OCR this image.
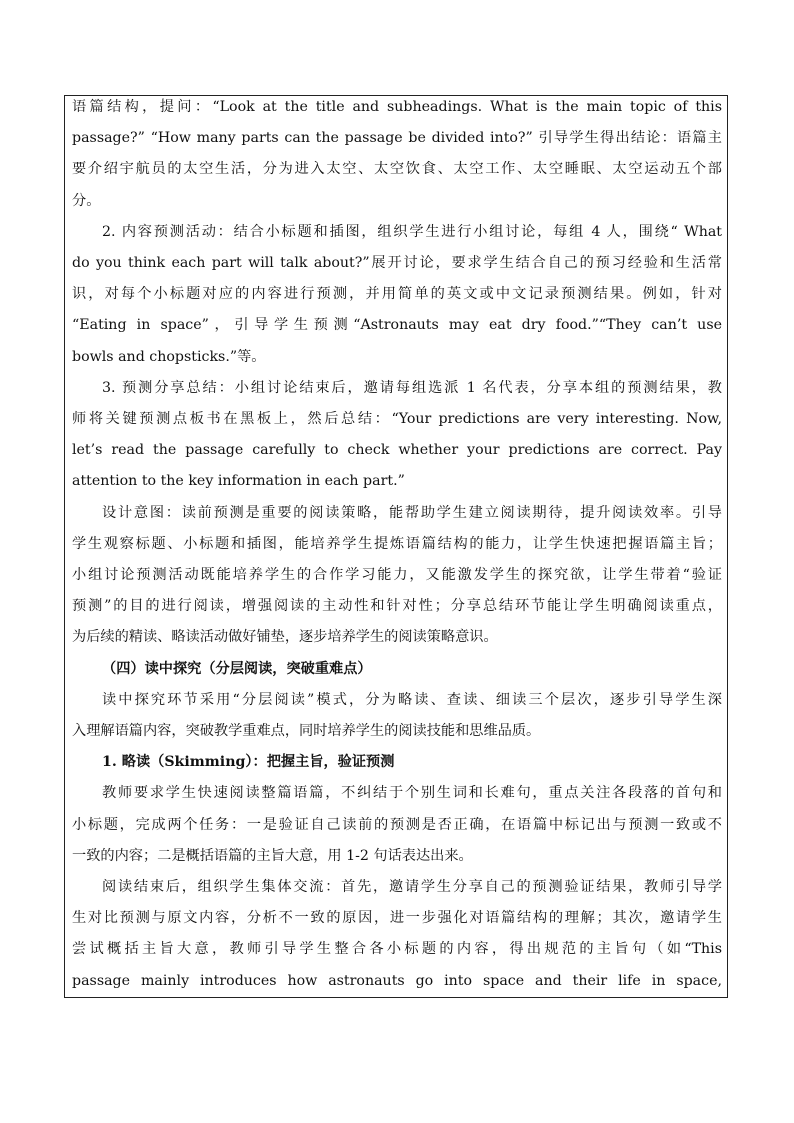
语篇结构，提问：“Look at the title and subheadings. What is the main topic of this
passage?” “How many parts can the passage be divided into?” 引导学生得出结论：语篇主
要介绍宇航员的太空生活，分为进入太空、太空饮食、太空工作、太空睡眠、太空运动五个部
分。
2. 内容预测活动：结合小标题和插图，组织学生进行小组讨论，每组 4 人，围绕“ What
do you think each part will talk about?”展开讨论，要求学生结合自己的预习经验和生活常
识，对每个小标题对应的内容进行预测，并用简单的英文或中文记录预测结果。例如，针对
“Eating in space”，引导学生预测“Astronauts may eat dry food.”“They can’t use
bowls and chopsticks.”等。
3. 预测分享总结：小组讨论结束后，邀请每组选派 1 名代表，分享本组的预测结果，教
师将关键预测点板书在黑板上，然后总结：“Your predictions are very interesting. Now,
let’s read the passage carefully to check whether your predictions are correct. Pay
attention to the key information in each part.”
设计意图：读前预测是重要的阅读策略，能帮助学生建立阅读期待，提升阅读效率。引导
学生观察标题、小标题和插图，能培养学生提炼语篇结构的能力，让学生快速把握语篇主旨；
小组讨论预测活动既能培养学生的合作学习能力，又能激发学生的探究欲，让学生带着“验证
预测”的目的进行阅读，增强阅读的主动性和针对性；分享总结环节能让学生明确阅读重点，
为后续的精读、略读活动做好铺垫，逐步培养学生的阅读策略意识。
（四）读中探究（分层阅读，突破重难点）
读中探究环节采用“分层阅读”模式，分为略读、查读、细读三个层次，逐步引导学生深
入理解语篇内容，突破教学重难点，同时培养学生的阅读技能和思维品质。
1. 略读（Skimming）：把握主旨，验证预测
教师要求学生快速阅读整篇语篇，不纠结于个别生词和长难句，重点关注各段落的首句和
小标题，完成两个任务：一是验证自己读前的预测是否正确，在语篇中标记出与预测一致或不
一致的内容；二是概括语篇的主旨大意，用 1-2 句话表达出来。
阅读结束后，组织学生集体交流：首先，邀请学生分享自己的预测验证结果，教师引导学
生对比预测与原文内容，分析不一致的原因，进一步强化对语篇结构的理解；其次，邀请学生
尝试概括主旨大意，教师引导学生整合各小标题的内容，得出规范的主旨句（如“This
passage mainly introduces how astronauts go into space and their life in space,
